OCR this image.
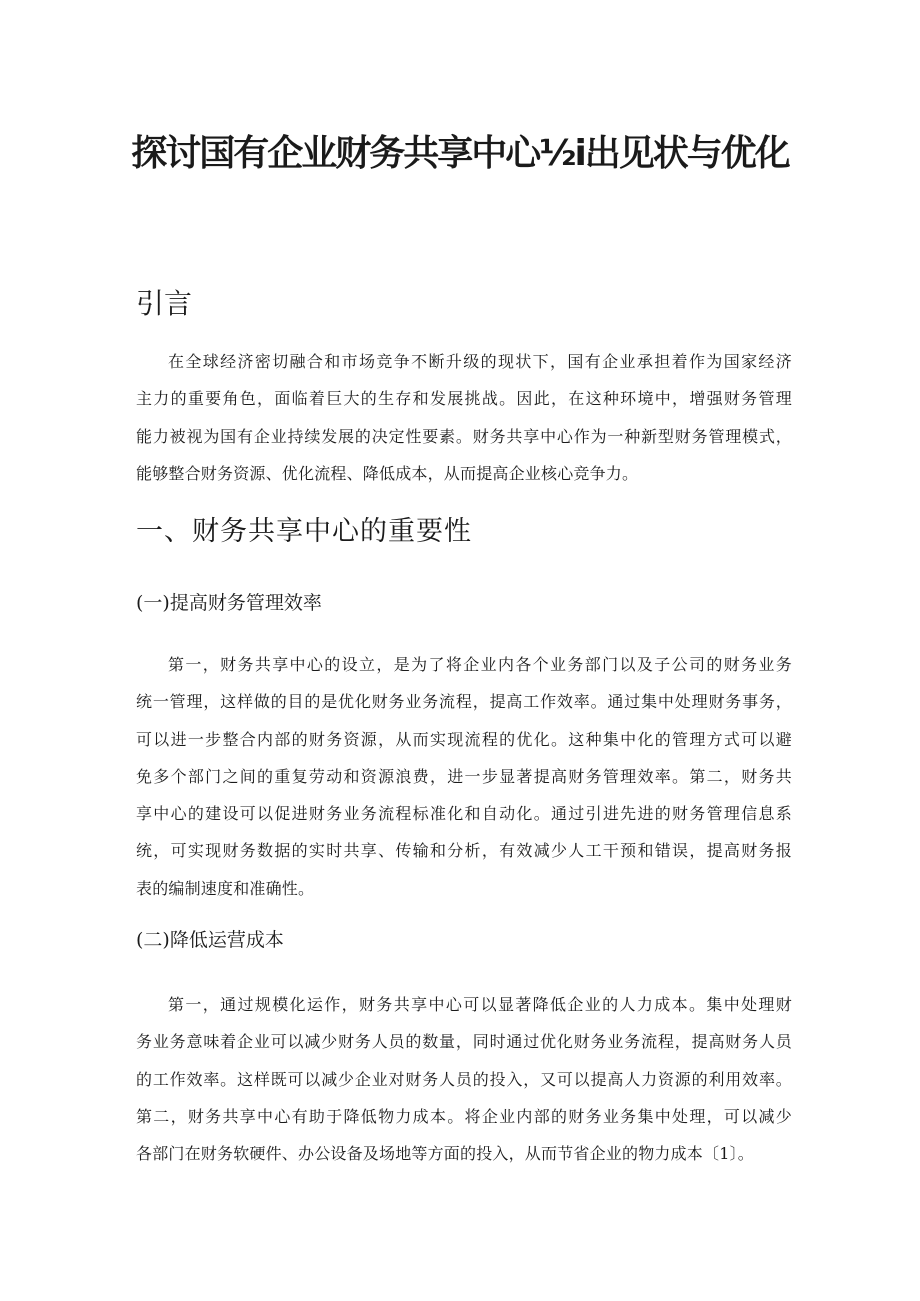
探讨国有企业财务共享中心½i出见状与优化
引言
在全球经济密切融合和市场竞争不断升级的现状下，国有企业承担着作为国家经济
主力的重要角色，面临着巨大的生存和发展挑战。因此，在这种环境中，增强财务管理
能力被视为国有企业持续发展的决定性要素。财务共享中心作为一种新型财务管理模式，
能够整合财务资源、优化流程、降低成本，从而提高企业核心竞争力。
一、财务共享中心的重要性
(一)提高财务管理效率
第一，财务共享中心的设立，是为了将企业内各个业务部门以及子公司的财务业务
统一管理，这样做的目的是优化财务业务流程，提高工作效率。通过集中处理财务事务，
可以进一步整合内部的财务资源，从而实现流程的优化。这种集中化的管理方式可以避
免多个部门之间的重复劳动和资源浪费，进一步显著提高财务管理效率。第二，财务共
享中心的建设可以促进财务业务流程标准化和自动化。通过引进先进的财务管理信息系
统，可实现财务数据的实时共享、传输和分析，有效减少人工干预和错误，提高财务报
表的编制速度和准确性。
(二)降低运营成本
第一，通过规模化运作，财务共享中心可以显著降低企业的人力成本。集中处理财
务业务意味着企业可以减少财务人员的数量，同时通过优化财务业务流程，提高财务人员
的工作效率。这样既可以减少企业对财务人员的投入，又可以提高人力资源的利用效率。
第二，财务共享中心有助于降低物力成本。将企业内部的财务业务集中处理，可以减少
各部门在财务软硬件、办公设备及场地等方面的投入，从而节省企业的物力成本〔1〕。
